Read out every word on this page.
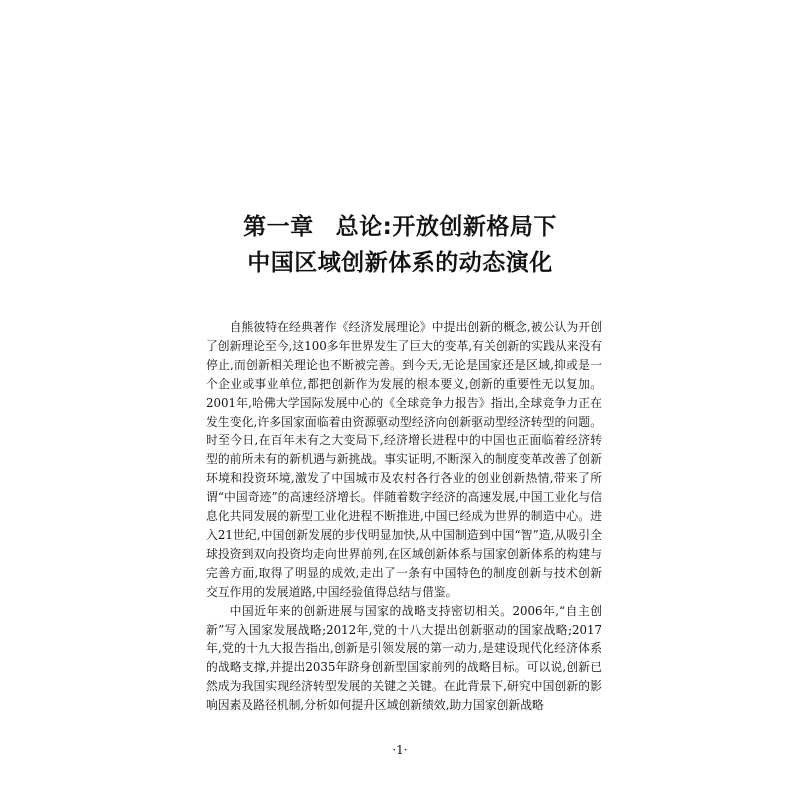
第一章 总论:开放创新格局下
中国区域创新体系的动态演化

自熊彼特在经典著作《经济发展理论》中提出创新的概念,被公认为开创了创新理论至今,这100多年世界发生了巨大的变革,有关创新的实践从来没有停止,而创新相关理论也不断被完善。到今天,无论是国家还是区域,抑或是一个企业或事业单位,都把创新作为发展的根本要义,创新的重要性无以复加。2001年,哈佛大学国际发展中心的《全球竞争力报告》指出,全球竞争力正在发生变化,许多国家面临着由资源驱动型经济向创新驱动型经济转型的问题。时至今日,在百年未有之大变局下,经济增长进程中的中国也正面临着经济转型的前所未有的新机遇与新挑战。事实证明,不断深入的制度变革改善了创新环境和投资环境,激发了中国城市及农村各行各业的创业创新热情,带来了所谓“中国奇迹”的高速经济增长。伴随着数字经济的高速发展,中国工业化与信息化共同发展的新型工业化进程不断推进,中国已经成为世界的制造中心。进入21世纪,中国创新发展的步伐明显加快,从中国制造到中国“智”造,从吸引全球投资到双向投资均走向世界前列,在区域创新体系与国家创新体系的构建与完善方面,取得了明显的成效,走出了一条有中国特色的制度创新与技术创新交互作用的发展道路,中国经验值得总结与借鉴。

中国近年来的创新进展与国家的战略支持密切相关。2006年,“自主创新”写入国家发展战略;2012年,党的十八大提出创新驱动的国家战略;2017年,党的十九大报告指出,创新是引领发展的第一动力,是建设现代化经济体系的战略支撑,并提出2035年跻身创新型国家前列的战略目标。可以说,创新已然成为我国实现经济转型发展的关键之关键。在此背景下,研究中国创新的影响因素及路径机制,分析如何提升区域创新绩效,助力国家创新战略

·1·
